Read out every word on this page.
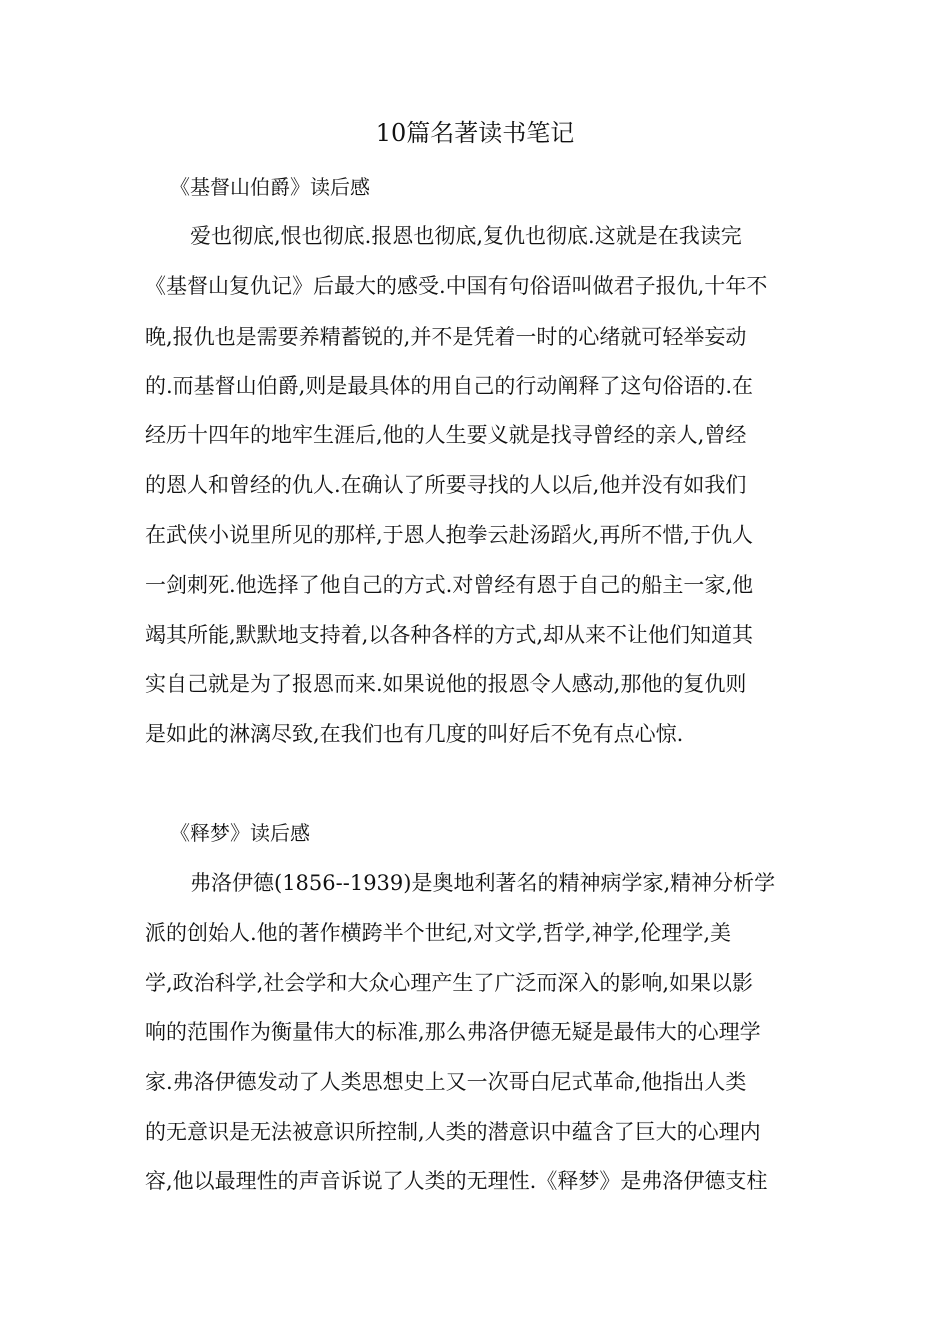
10篇名著读书笔记
《基督山伯爵》读后感
爱也彻底,恨也彻底.报恩也彻底,复仇也彻底.这就是在我读完
《基督山复仇记》后最大的感受.中国有句俗语叫做君子报仇,十年不
晚,报仇也是需要养精蓄锐的,并不是凭着一时的心绪就可轻举妄动
的.而基督山伯爵,则是最具体的用自己的行动阐释了这句俗语的.在
经历十四年的地牢生涯后,他的人生要义就是找寻曾经的亲人,曾经
的恩人和曾经的仇人.在确认了所要寻找的人以后,他并没有如我们
在武侠小说里所见的那样,于恩人抱拳云赴汤蹈火,再所不惜,于仇人
一剑刺死.他选择了他自己的方式.对曾经有恩于自己的船主一家,他
竭其所能,默默地支持着,以各种各样的方式,却从来不让他们知道其
实自己就是为了报恩而来.如果说他的报恩令人感动,那他的复仇则
是如此的淋漓尽致,在我们也有几度的叫好后不免有点心惊.
《释梦》读后感
弗洛伊德(1856--1939)是奥地利著名的精神病学家,精神分析学
派的创始人.他的著作横跨半个世纪,对文学,哲学,神学,伦理学,美
学,政治科学,社会学和大众心理产生了广泛而深入的影响,如果以影
响的范围作为衡量伟大的标准,那么弗洛伊德无疑是最伟大的心理学
家.弗洛伊德发动了人类思想史上又一次哥白尼式革命,他指出人类
的无意识是无法被意识所控制,人类的潜意识中蕴含了巨大的心理内
容,他以最理性的声音诉说了人类的无理性.《释梦》是弗洛伊德支柱
